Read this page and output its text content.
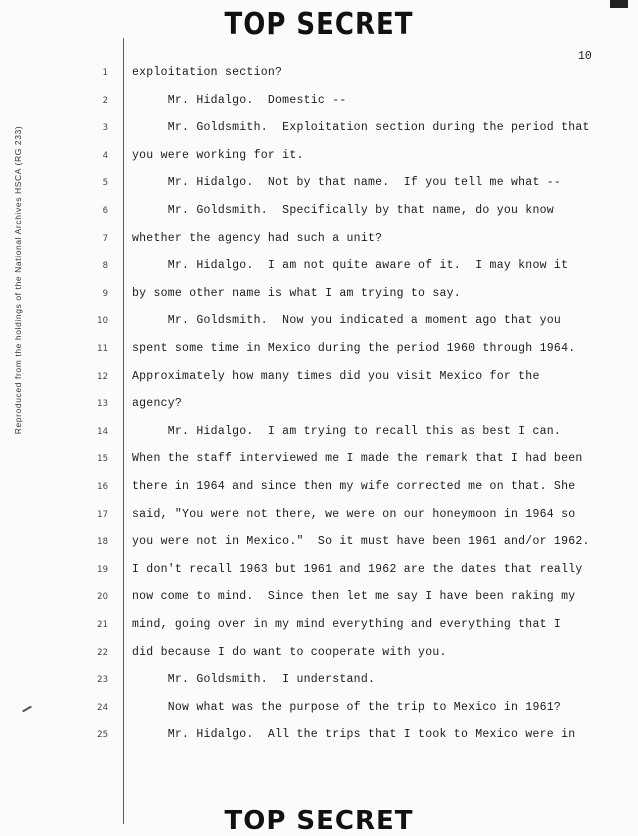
TOP SECRET
10
Reproduced from the holdings of the National Archives HSCA (RG 233)
1 exploitation section?
2 Mr. Hidalgo.  Domestic --
3 Mr. Goldsmith.  Exploitation section during the period that
4 you were working for it.
5 Mr. Hidalgo.  Not by that name.  If you tell me what --
6 Mr. Goldsmith.  Specifically by that name, do you know
7 whether the agency had such a unit?
8 Mr. Hidalgo.  I am not quite aware of it.  I may know it
9 by some other name is what I am trying to say.
10 Mr. Goldsmith.  Now you indicated a moment ago that you
11 spent some time in Mexico during the period 1960 through 1964.
12 Approximately how many times did you visit Mexico for the
13 agency?
14 Mr. Hidalgo.  I am trying to recall this as best I can.
15 When the staff interviewed me I made the remark that I had been
16 there in 1964 and since then my wife corrected me on that. She
17 said, "You were not there, we were on our honeymoon in 1964 so
18 you were not in Mexico."  So it must have been 1961 and/or 1962.
19 I don't recall 1963 but 1961 and 1962 are the dates that really
20 now come to mind.  Since then let me say I have been raking my
21 mind, going over in my mind everything and everything that I
22 did because I do want to cooperate with you.
23 Mr. Goldsmith.  I understand.
24 Now what was the purpose of the trip to Mexico in 1961?
25 Mr. Hidalgo.  All the trips that I took to Mexico were in
TOP SECRET
